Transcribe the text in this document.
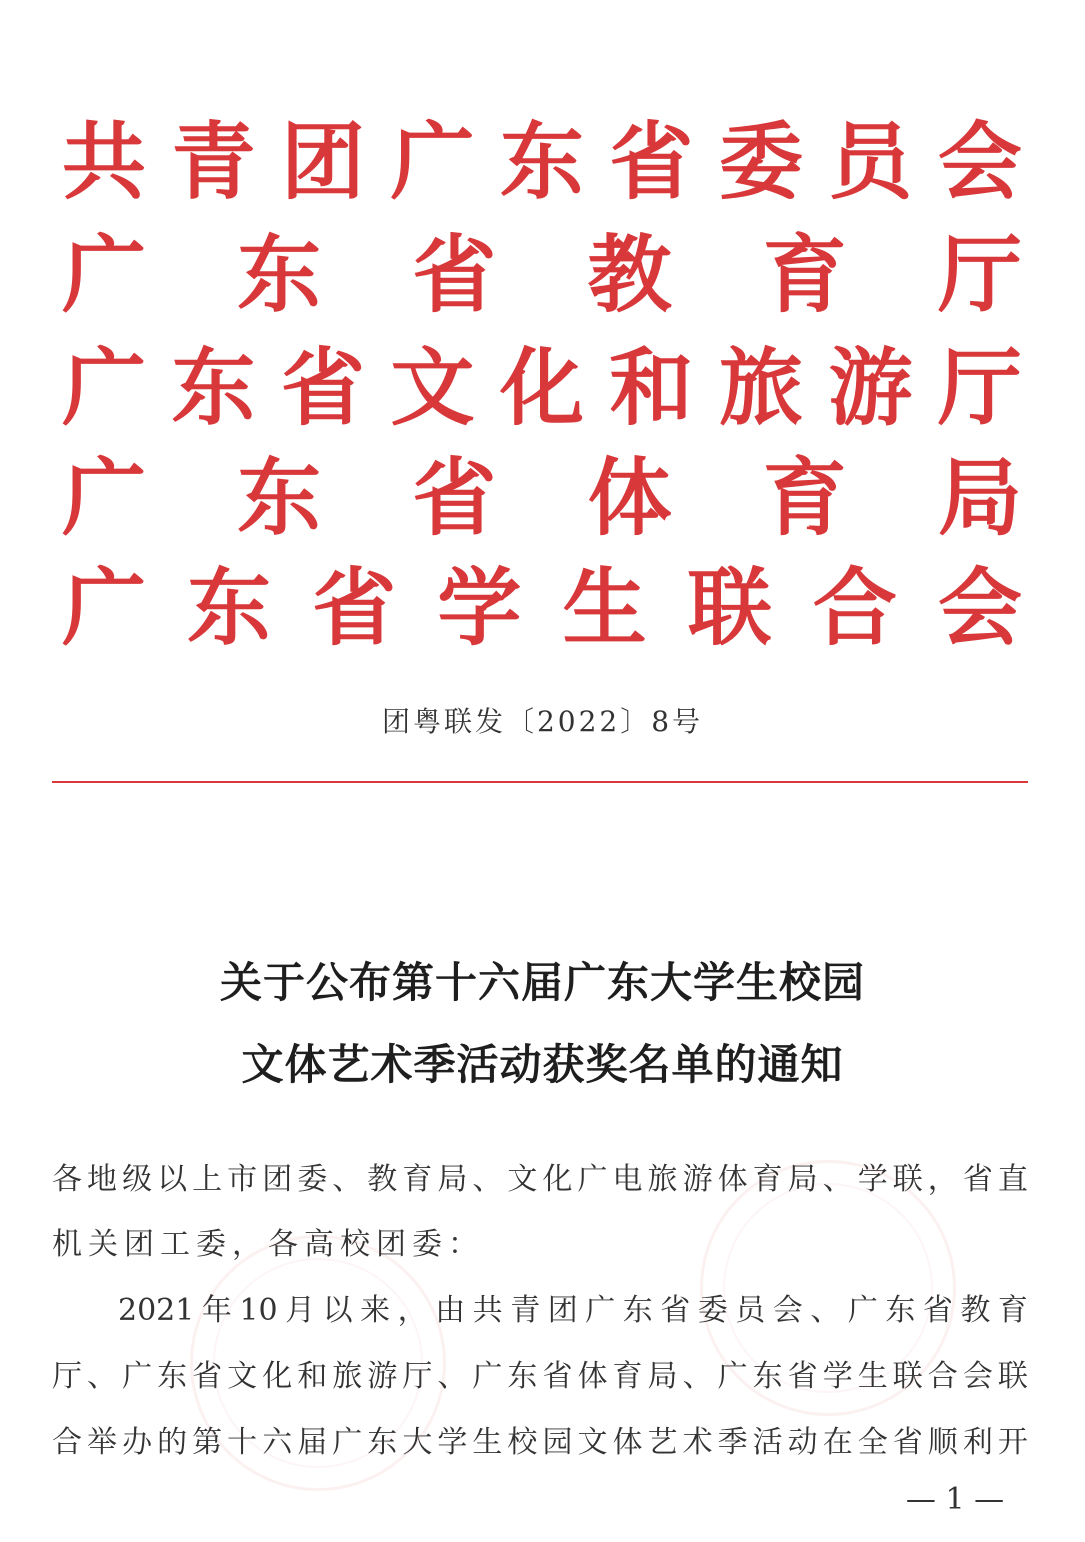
共 青 团 广 东 省 委 员 会
广 东 省 教 育 厅
广 东 省 文 化 和 旅 游 厅
广 东 省 体 育 局
广 东 省 学 生 联 合 会
团粤联发〔2022〕8号
关于公布第十六届广东大学生校园
文体艺术季活动获奖名单的通知
各 地 级 以 上 市 团 委 、 教 育 局 、 文 化 广 电 旅 游 体 育 局 、 学 联 ， 省 直
机关团工委，各高校团委：
2021 年 10 月 以 来 ， 由 共 青 团 广 东 省 委 员 会 、 广 东 省 教 育
厅 、 广 东 省 文 化 和 旅 游 厅 、 广 东 省 体 育 局 、 广 东 省 学 生 联 合 会 联
合 举 办 的 第 十 六 届 广 东 大 学 生 校 园 文 体 艺 术 季 活 动 在 全 省 顺 利 开
— 1 —
